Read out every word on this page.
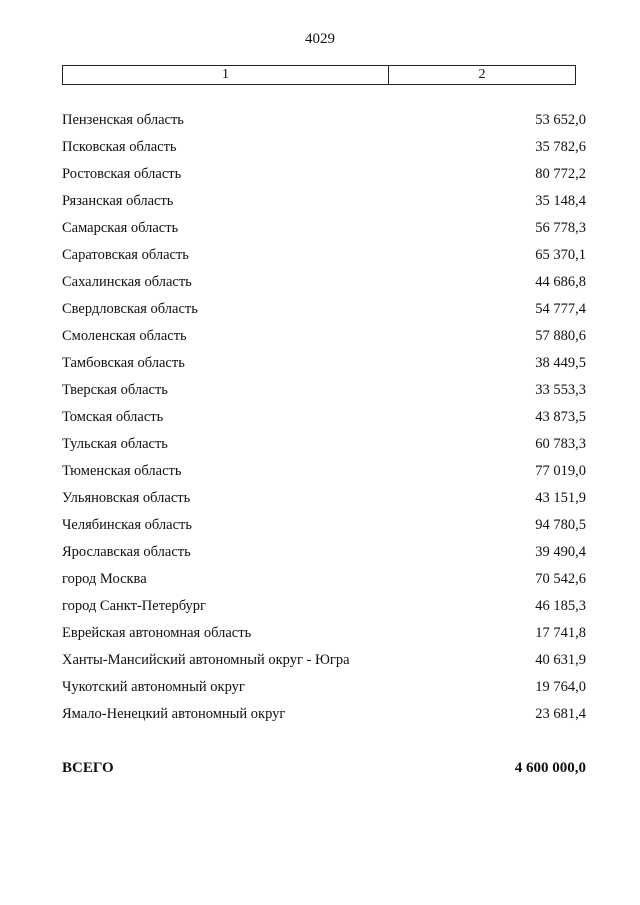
4029
1	2
Пензенская область	53 652,0
Псковская область	35 782,6
Ростовская область	80 772,2
Рязанская область	35 148,4
Самарская область	56 778,3
Саратовская область	65 370,1
Сахалинская область	44 686,8
Свердловская область	54 777,4
Смоленская область	57 880,6
Тамбовская область	38 449,5
Тверская область	33 553,3
Томская область	43 873,5
Тульская область	60 783,3
Тюменская область	77 019,0
Ульяновская область	43 151,9
Челябинская область	94 780,5
Ярославская область	39 490,4
город Москва	70 542,6
город Санкт-Петербург	46 185,3
Еврейская автономная область	17 741,8
Ханты-Мансийский автономный округ - Югра	40 631,9
Чукотский автономный округ	19 764,0
Ямало-Ненецкий автономный округ	23 681,4
ВСЕГО	4 600 000,0
